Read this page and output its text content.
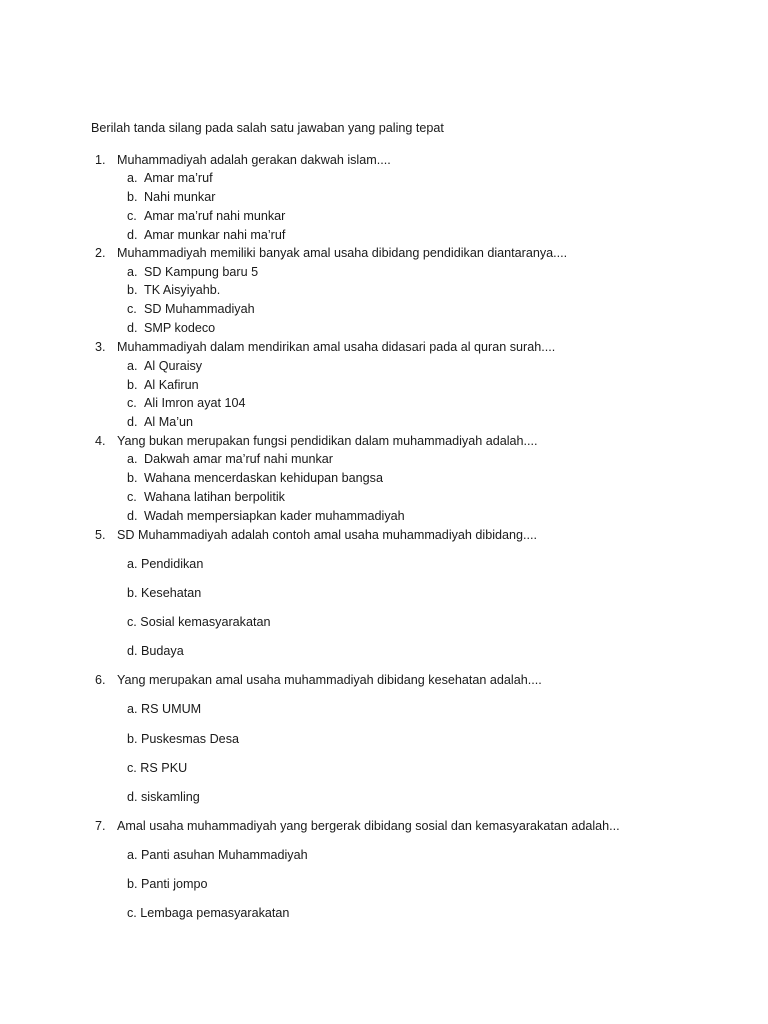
Berilah tanda silang pada salah satu jawaban yang paling tepat
1. Muhammadiyah adalah gerakan dakwah islam....
a. Amar ma’ruf
b. Nahi munkar
c. Amar ma’ruf nahi munkar
d. Amar munkar nahi ma’ruf
2. Muhammadiyah memiliki banyak amal usaha dibidang pendidikan diantaranya....
a. SD Kampung baru 5
b. TK Aisyiyahb.
c. SD Muhammadiyah
d. SMP kodeco
3. Muhammadiyah dalam mendirikan amal usaha didasari pada al quran surah....
a. Al Quraisy
b. Al Kafirun
c. Ali Imron ayat 104
d. Al Ma’un
4. Yang bukan merupakan fungsi pendidikan dalam muhammadiyah adalah....
a. Dakwah amar ma’ruf nahi munkar
b. Wahana mencerdaskan kehidupan bangsa
c. Wahana latihan berpolitik
d. Wadah mempersiapkan kader muhammadiyah
5. SD Muhammadiyah adalah contoh amal usaha muhammadiyah dibidang....
a. Pendidikan
b. Kesehatan
c. Sosial kemasyarakatan
d. Budaya
6. Yang merupakan amal usaha muhammadiyah dibidang kesehatan adalah....
a. RS UMUM
b. Puskesmas Desa
c. RS PKU
d. siskamling
7. Amal usaha muhammadiyah yang bergerak dibidang sosial dan kemasyarakatan adalah...
a. Panti asuhan Muhammadiyah
b. Panti jompo
c. Lembaga pemasyarakatan
